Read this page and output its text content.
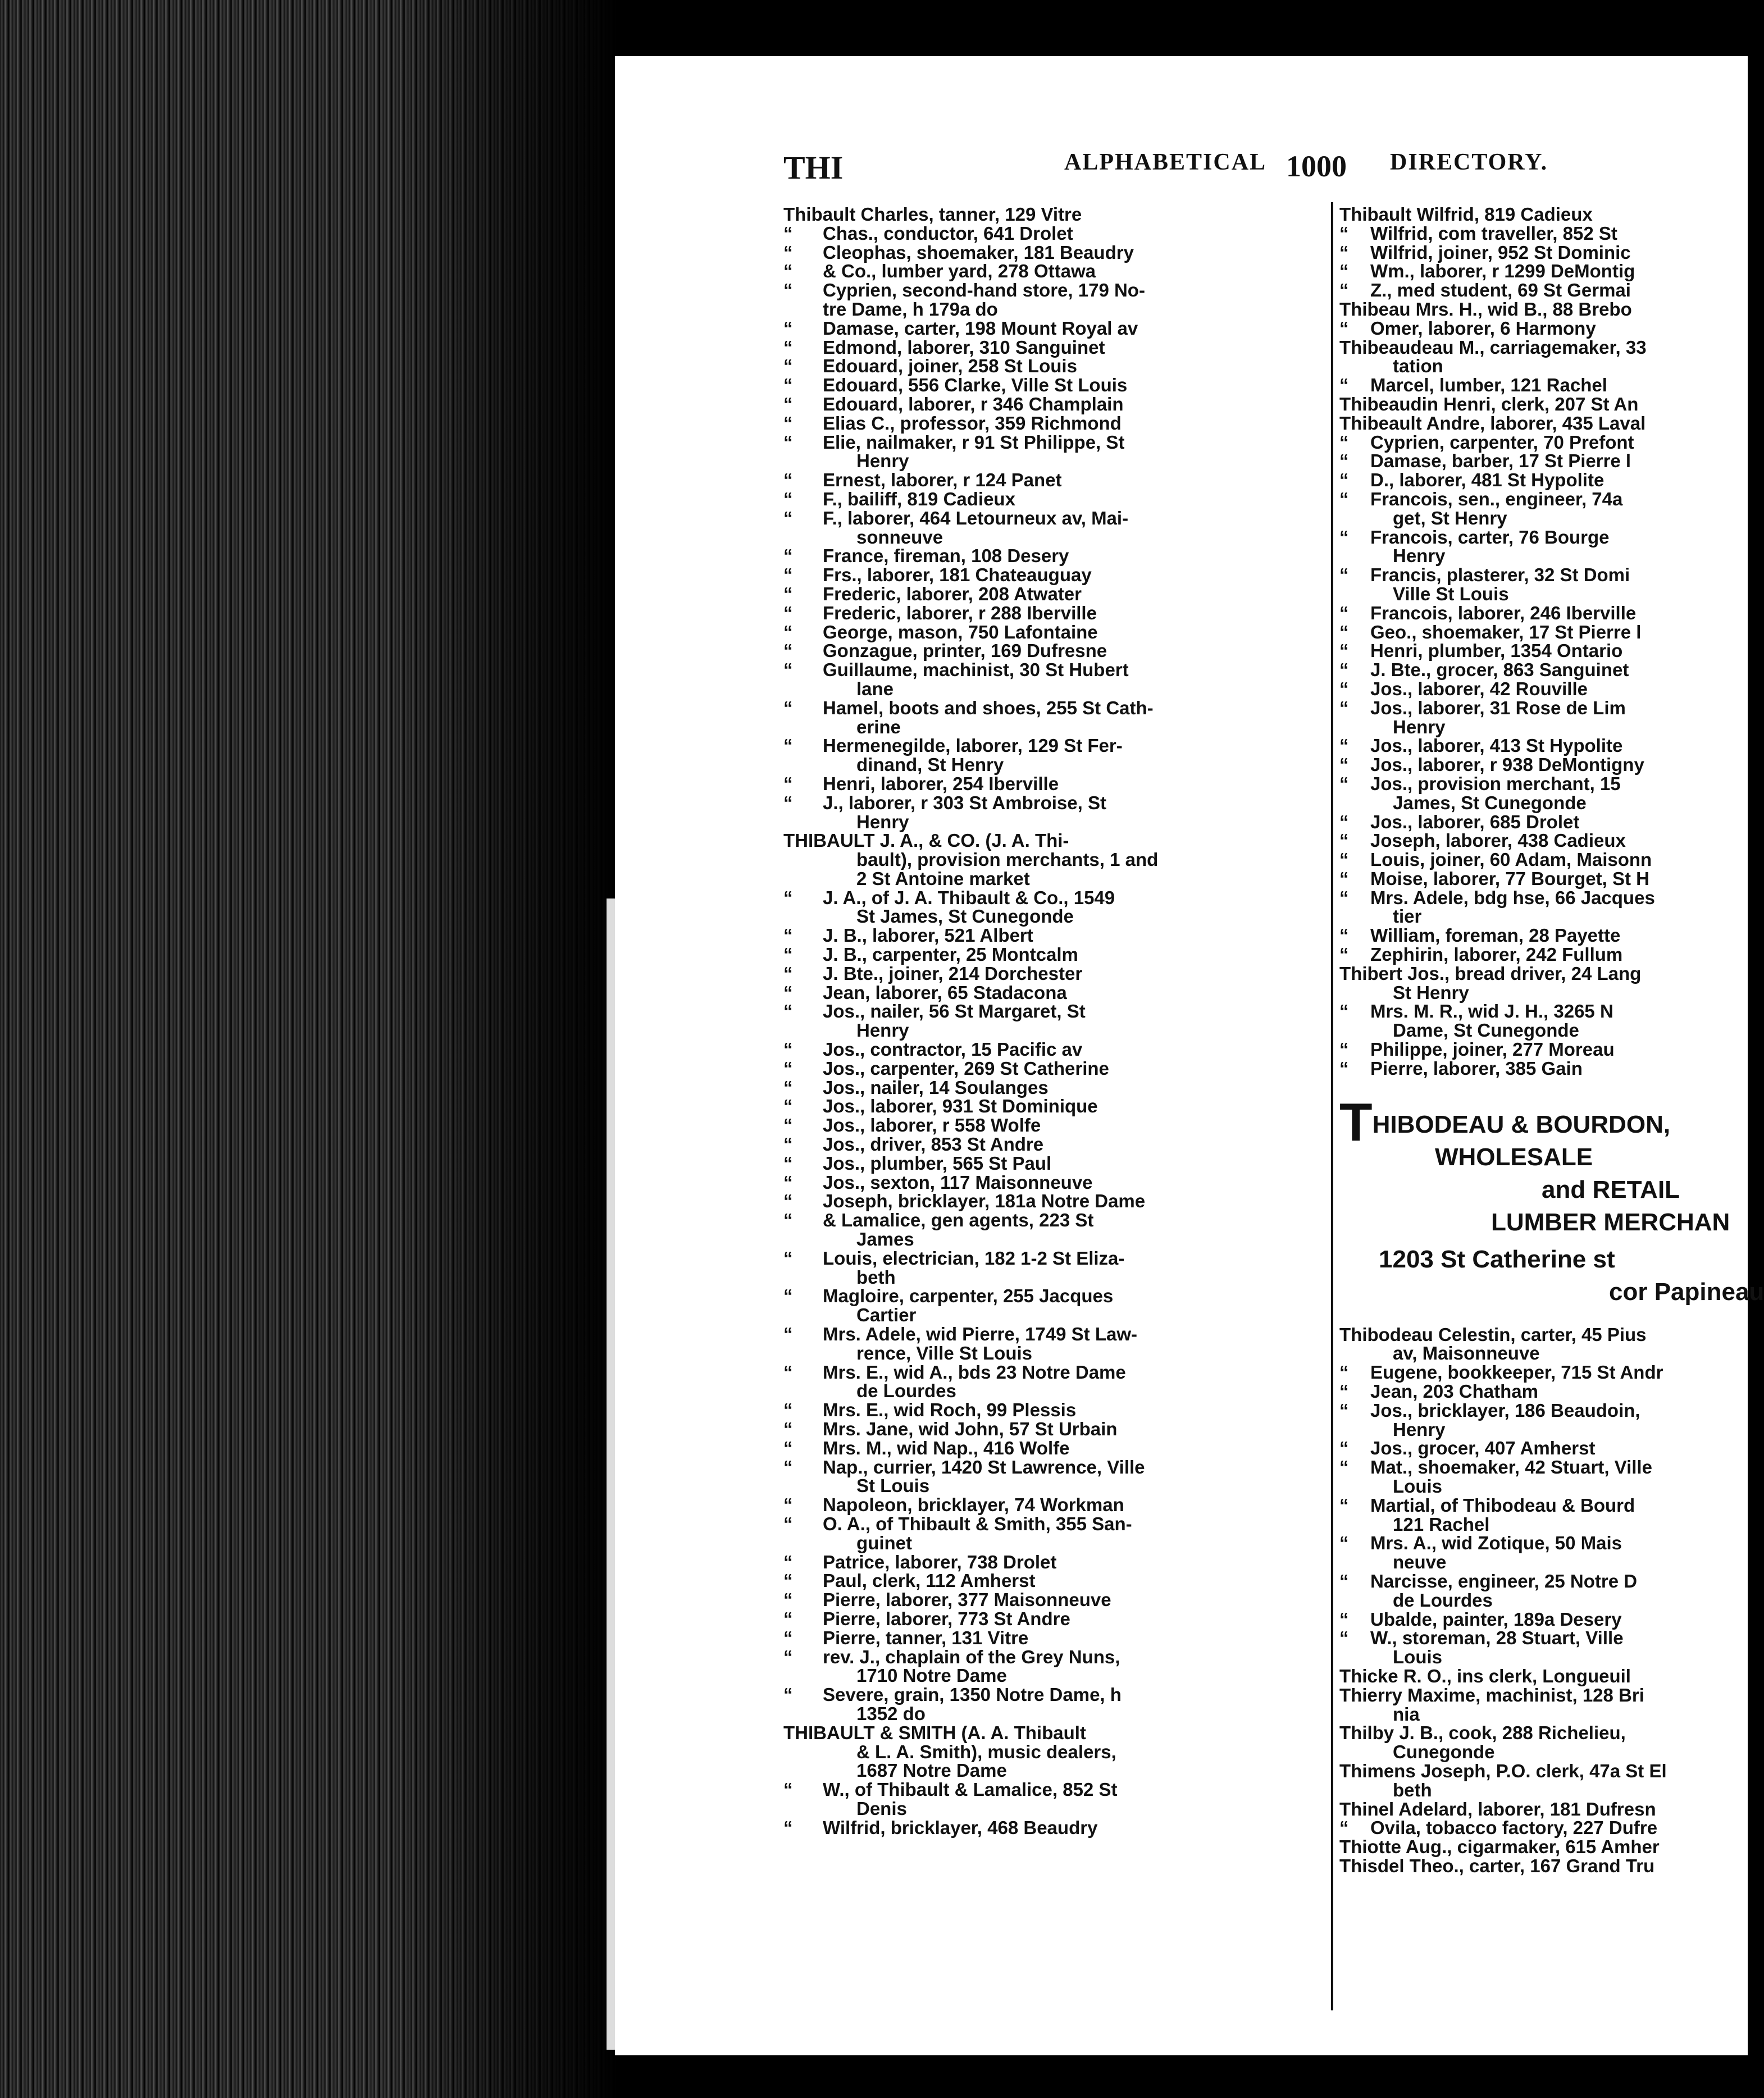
THI	ALPHABETICAL 1000 DIRECTORY.
Thibault Charles, tanner, 129 Vitre
“ Chas., conductor, 641 Drolet
“ Cleophas, shoemaker, 181 Beaudry
“ & Co., lumber yard, 278 Ottawa
“ Cyprien, second-hand store, 179 No-
tre Dame, h 179a do
“ Damase, carter, 198 Mount Royal av
“ Edmond, laborer, 310 Sanguinet
“ Edouard, joiner, 258 St Louis
“ Edouard, 556 Clarke, Ville St Louis
“ Edouard, laborer, r 346 Champlain
“ Elias C., professor, 359 Richmond
“ Elie, nailmaker, r 91 St Philippe, St
Henry
“ Ernest, laborer, r 124 Panet
“ F., bailiff, 819 Cadieux
“ F., laborer, 464 Letourneux av, Mai-
sonneuve
“ France, fireman, 108 Desery
“ Frs., laborer, 181 Chateauguay
“ Frederic, laborer, 208 Atwater
“ Frederic, laborer, r 288 Iberville
“ George, mason, 750 Lafontaine
“ Gonzague, printer, 169 Dufresne
“ Guillaume, machinist, 30 St Hubert
lane
“ Hamel, boots and shoes, 255 St Cath-
erine
“ Hermenegilde, laborer, 129 St Fer-
dinand, St Henry
“ Henri, laborer, 254 Iberville
“ J., laborer, r 303 St Ambroise, St
Henry
THIBAULT J. A., & CO. (J. A. Thi-
bault), provision merchants, 1 and
2 St Antoine market
“ J. A., of J. A. Thibault & Co., 1549
St James, St Cunegonde
“ J. B., laborer, 521 Albert
“ J. B., carpenter, 25 Montcalm
“ J. Bte., joiner, 214 Dorchester
“ Jean, laborer, 65 Stadacona
“ Jos., nailer, 56 St Margaret, St
Henry
“ Jos., contractor, 15 Pacific av
“ Jos., carpenter, 269 St Catherine
“ Jos., nailer, 14 Soulanges
“ Jos., laborer, 931 St Dominique
“ Jos., laborer, r 558 Wolfe
“ Jos., driver, 853 St Andre
“ Jos., plumber, 565 St Paul
“ Jos., sexton, 117 Maisonneuve
“ Joseph, bricklayer, 181a Notre Dame
“ & Lamalice, gen agents, 223 St
James
“ Louis, electrician, 182 1-2 St Eliza-
beth
“ Magloire, carpenter, 255 Jacques
Cartier
“ Mrs. Adele, wid Pierre, 1749 St Law-
rence, Ville St Louis
“ Mrs. E., wid A., bds 23 Notre Dame
de Lourdes
“ Mrs. E., wid Roch, 99 Plessis
“ Mrs. Jane, wid John, 57 St Urbain
“ Mrs. M., wid Nap., 416 Wolfe
“ Nap., currier, 1420 St Lawrence, Ville
St Louis
“ Napoleon, bricklayer, 74 Workman
“ O. A., of Thibault & Smith, 355 San-
guinet
“ Patrice, laborer, 738 Drolet
“ Paul, clerk, 112 Amherst
“ Pierre, laborer, 377 Maisonneuve
“ Pierre, laborer, 773 St Andre
“ Pierre, tanner, 131 Vitre
“ rev. J., chaplain of the Grey Nuns,
1710 Notre Dame
“ Severe, grain, 1350 Notre Dame, h
1352 do
THIBAULT & SMITH (A. A. Thibault
& L. A. Smith), music dealers,
1687 Notre Dame
“ W., of Thibault & Lamalice, 852 St
Denis
“ Wilfrid, bricklayer, 468 Beaudry
Thibault Wilfrid, 819 Cadieux
“ Wilfrid, com traveller, 852 St
“ Wilfrid, joiner, 952 St Dominic
“ Wm., laborer, r 1299 DeMontig
“ Z., med student, 69 St Germai
Thibeau Mrs. H., wid B., 88 Brebo
“ Omer, laborer, 6 Harmony
Thibeaudeau M., carriagemaker, 33
tation
“ Marcel, lumber, 121 Rachel
Thibeaudin Henri, clerk, 207 St An
Thibeault Andre, laborer, 435 Laval
“ Cyprien, carpenter, 70 Prefont
“ Damase, barber, 17 St Pierre l
“ D., laborer, 481 St Hypolite
“ Francois, sen., engineer, 74a
get, St Henry
“ Francois, carter, 76 Bourge
Henry
“ Francis, plasterer, 32 St Domi
Ville St Louis
“ Francois, laborer, 246 Iberville
“ Geo., shoemaker, 17 St Pierre l
“ Henri, plumber, 1354 Ontario
“ J. Bte., grocer, 863 Sanguinet
“ Jos., laborer, 42 Rouville
“ Jos., laborer, 31 Rose de Lim
Henry
“ Jos., laborer, 413 St Hypolite
“ Jos., laborer, r 938 DeMontigny
“ Jos., provision merchant, 15
James, St Cunegonde
“ Jos., laborer, 685 Drolet
“ Joseph, laborer, 438 Cadieux
“ Louis, joiner, 60 Adam, Maisonn
“ Moise, laborer, 77 Bourget, St H
“ Mrs. Adele, bdg hse, 66 Jacques
tier
“ William, foreman, 28 Payette
“ Zephirin, laborer, 242 Fullum
Thibert Jos., bread driver, 24 Lang
St Henry
“ Mrs. M. R., wid J. H., 3265 N
Dame, St Cunegonde
“ Philippe, joiner, 277 Moreau
“ Pierre, laborer, 385 Gain
THIBODEAU & BOURDON,
WHOLESALE
and RETAIL
LUMBER MERCHAN
1203 St Catherine st
cor Papineau
Thibodeau Celestin, carter, 45 Pius
av, Maisonneuve
“ Eugene, bookkeeper, 715 St Andr
“ Jean, 203 Chatham
“ Jos., bricklayer, 186 Beaudoin,
Henry
“ Jos., grocer, 407 Amherst
“ Mat., shoemaker, 42 Stuart, Ville
Louis
“ Martial, of Thibodeau & Bourd
121 Rachel
“ Mrs. A., wid Zotique, 50 Mais
neuve
“ Narcisse, engineer, 25 Notre D
de Lourdes
“ Ubalde, painter, 189a Desery
“ W., storeman, 28 Stuart, Ville
Louis
Thicke R. O., ins clerk, Longueuil
Thierry Maxime, machinist, 128 Bri
nia
Thilby J. B., cook, 288 Richelieu,
Cunegonde
Thimens Joseph, P.O. clerk, 47a St El
beth
Thinel Adelard, laborer, 181 Dufresn
“ Ovila, tobacco factory, 227 Dufre
Thiotte Aug., cigarmaker, 615 Amher
Thisdel Theo., carter, 167 Grand Tru
